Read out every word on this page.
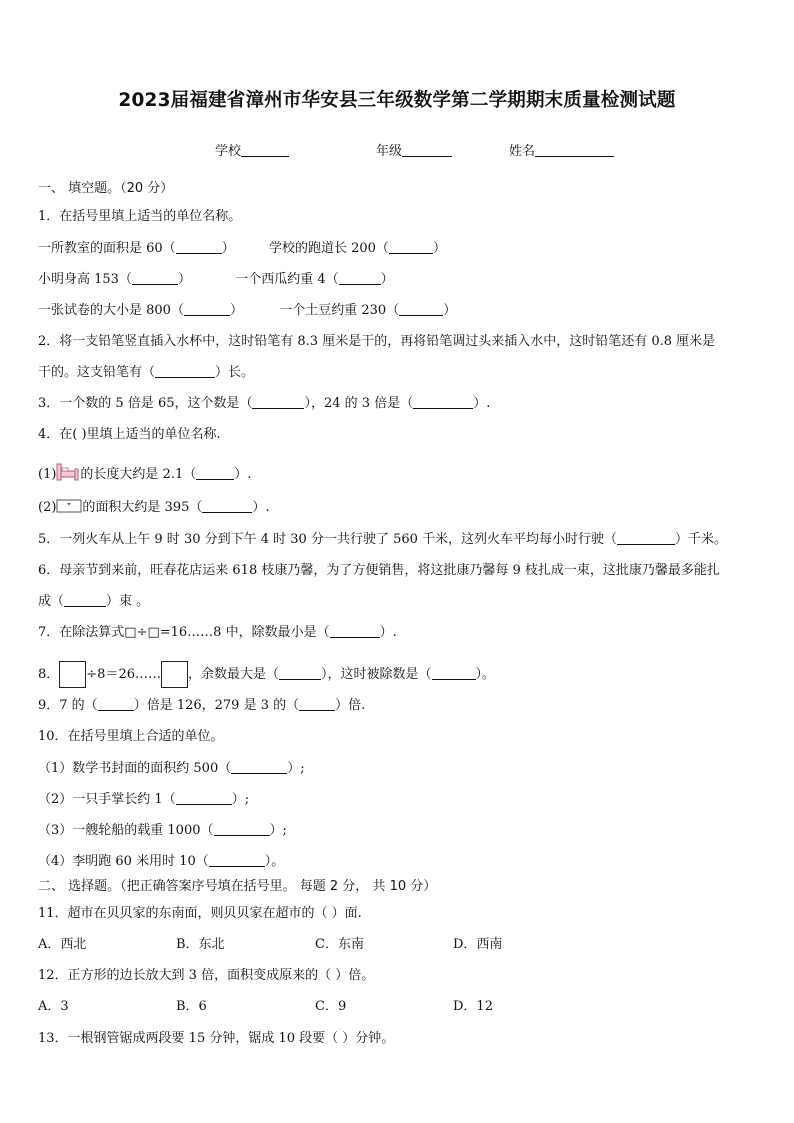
2023届福建省漳州市华安县三年级数学第二学期期末质量检测试题
学校	年级	姓名
一、 填空题。（20 分）
1．在括号里填上适当的单位名称。
一所教室的面积是 60（	）	学校的跑道长 200（	）
小明身高 153（	）	一个西瓜约重 4（	）
一张试卷的大小是 800（	）	一个土豆约重 230（	）
2．将一支铅笔竖直插入水杯中，这时铅笔有 8.3 厘米是干的，再将铅笔调过头来插入水中，这时铅笔还有 0.8 厘米是
干的。这支铅笔有（	）长。
3．一个数的 5 倍是 65，这个数是（	），24 的 3 倍是（	）.
4．在( )里填上适当的单位名称.
(1) 的长度大约是 2.1（	）.
(2) 的面积大约是 395（	）.
5．一列火车从上午 9 时 30 分到下午 4 时 30 分一共行驶了 560 千米，这列火车平均每小时行驶（	）千米。
6．母亲节到来前，旺春花店运来 618 枝康乃馨，为了方便销售，将这批康乃馨每 9 枝扎成一束，这批康乃馨最多能扎
成（	）束 。
7．在除法算式□÷□=16……8 中，除数最小是（	）.
8． ÷8＝26…… ，余数最大是（	），这时被除数是（	）。
9．7 的（	）倍是 126，279 是 3 的（	）倍.
10．在括号里填上合适的单位。
（1）数学书封面的面积约 500（	）;
（2）一只手掌长约 1（	）;
（3）一艘轮船的载重 1000（	）;
（4）李明跑 60 米用时 10（	）。
二、 选择题。（把正确答案序号填在括号里。 每题 2 分， 共 10 分）
11．超市在贝贝家的东南面，则贝贝家在超市的（ ）面.
A．西北	B．东北	C．东南	D．西南
12．正方形的边长放大到 3 倍，面积变成原来的（ ）倍。
A．3	B．6	C．9	D．12
13．一根钢管锯成两段要 15 分钟，锯成 10 段要（ ）分钟。
